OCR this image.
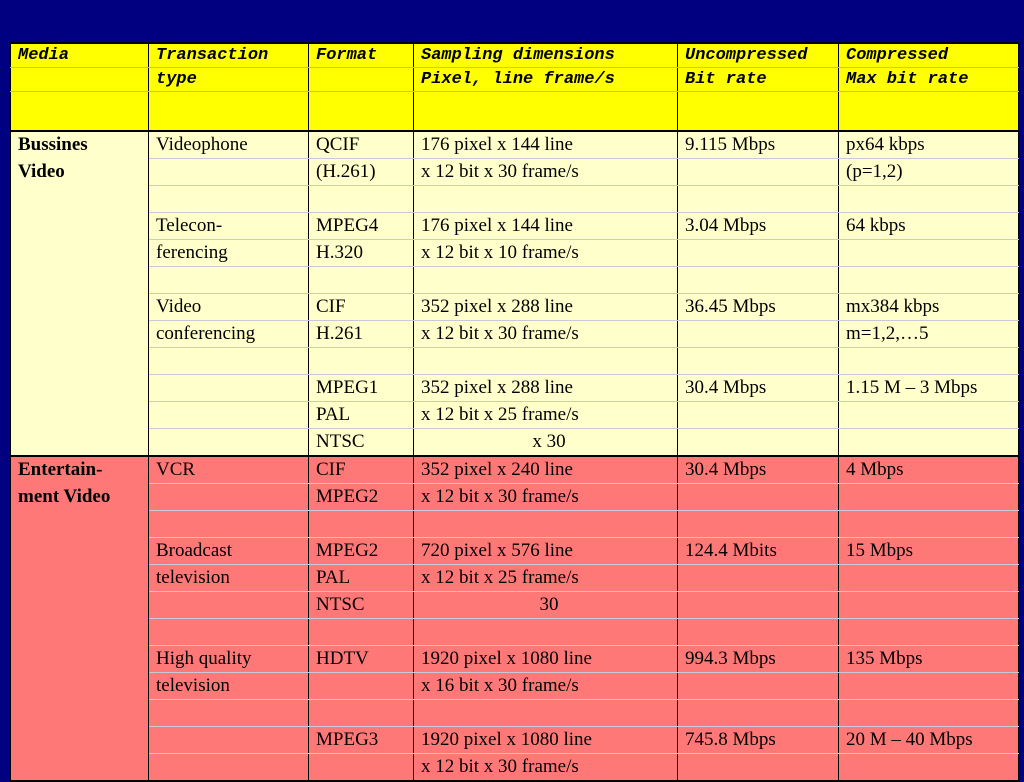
Media	Transaction	Format	Sampling dimensions	Uncompressed	Compressed
	type		Pixel, line frame/s	Bit rate	Max bit rate

Bussines	Videophone	QCIF	176 pixel x 144 line	9.115 Mbps	px64 kbps
Video		(H.261)	x 12 bit x 30 frame/s		(p=1,2)

	Telecon-	MPEG4	176 pixel x 144 line	3.04 Mbps	64 kbps
	ferencing	H.320	x 12 bit x 10 frame/s		

	Video	CIF	352 pixel x 288 line	36.45 Mbps	mx384 kbps
	conferencing	H.261	x 12 bit x 30 frame/s		m=1,2,…5

		MPEG1	352 pixel x 288 line	30.4 Mbps	1.15 M – 3 Mbps
		PAL	x 12 bit x 25 frame/s		
		NTSC	x 30		
Entertain-	VCR	CIF	352 pixel x 240 line	30.4 Mbps	4 Mbps
ment Video		MPEG2	x 12 bit x 30 frame/s		

	Broadcast	MPEG2	720 pixel x 576 line	124.4 Mbits	15 Mbps
	television	PAL	x 12 bit x 25 frame/s		
		NTSC	30		

	High quality	HDTV	1920 pixel x 1080 line	994.3 Mbps	135 Mbps
	television		x 16 bit x 30 frame/s		

		MPEG3	1920 pixel x 1080 line	745.8 Mbps	20 M – 40 Mbps
			x 12 bit x 30 frame/s		
